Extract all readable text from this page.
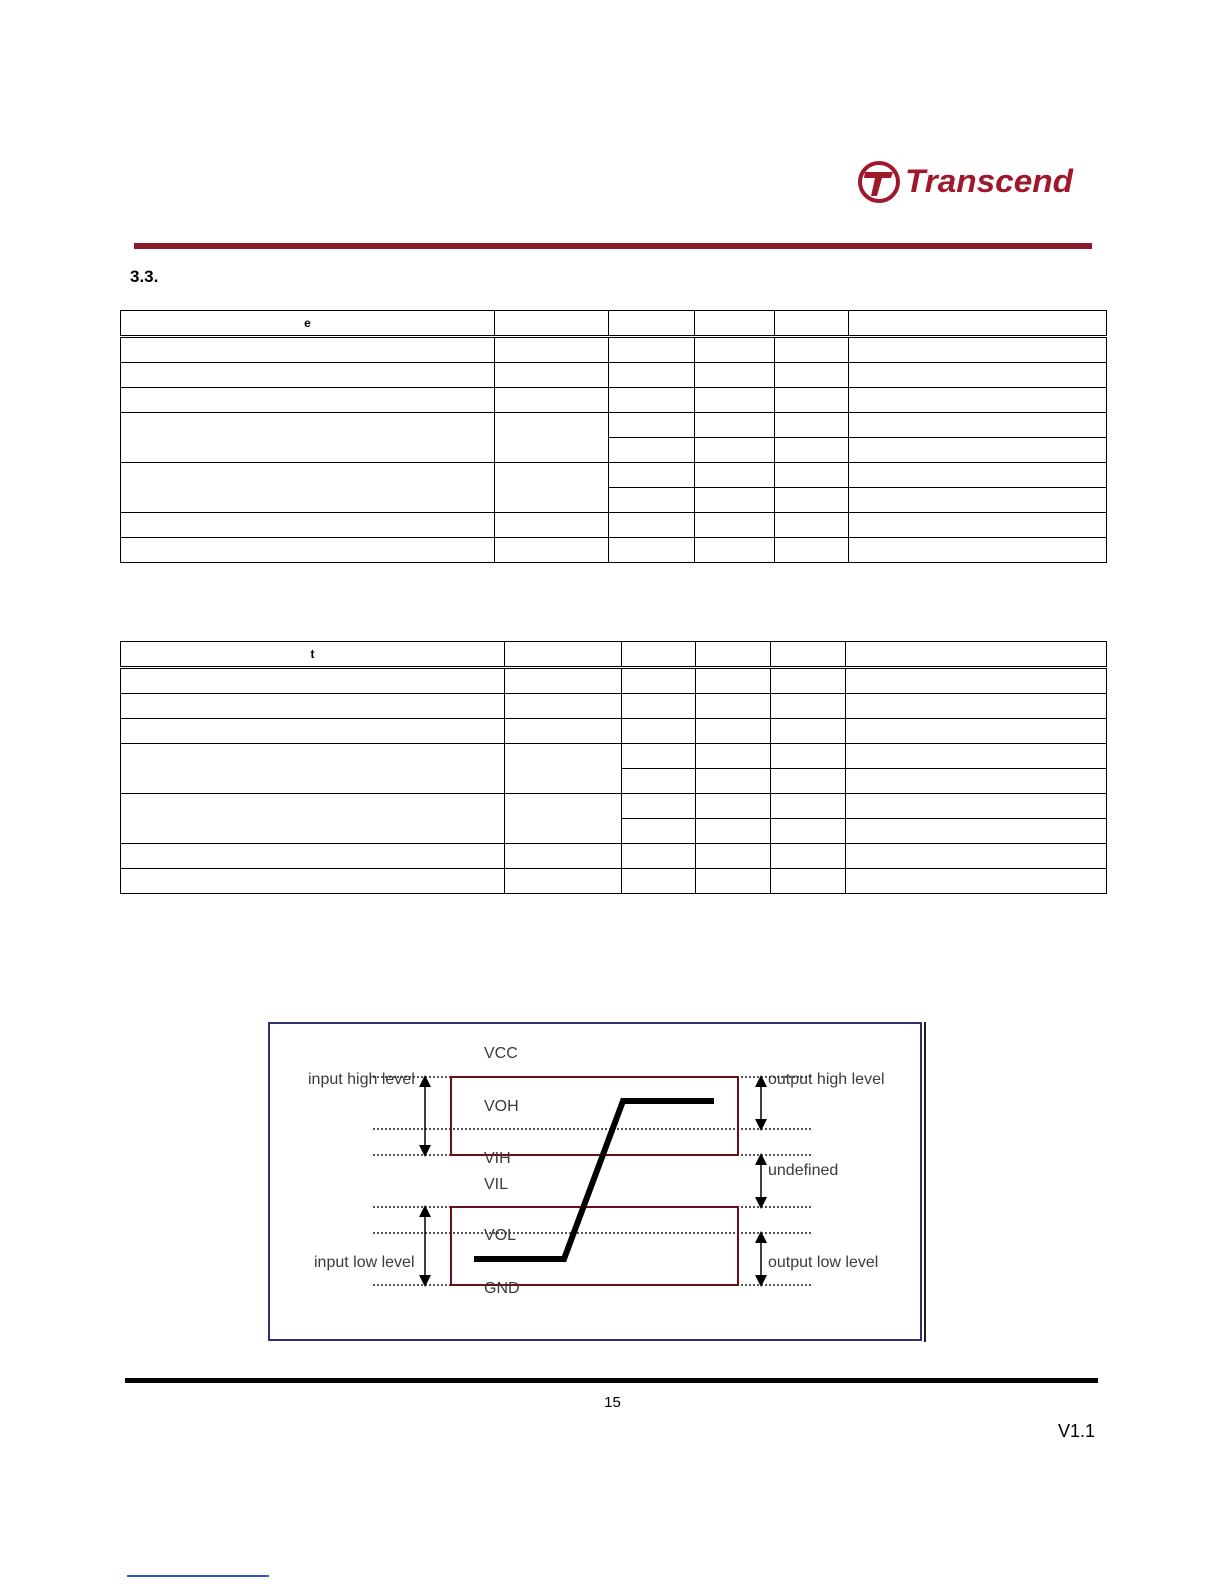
Transcend
3.3.
e					

t					

VCC
VOH
VIH
VIL
VOL
GND
input high level
input low level
output high level
undefined
output low level
15
V1.1
